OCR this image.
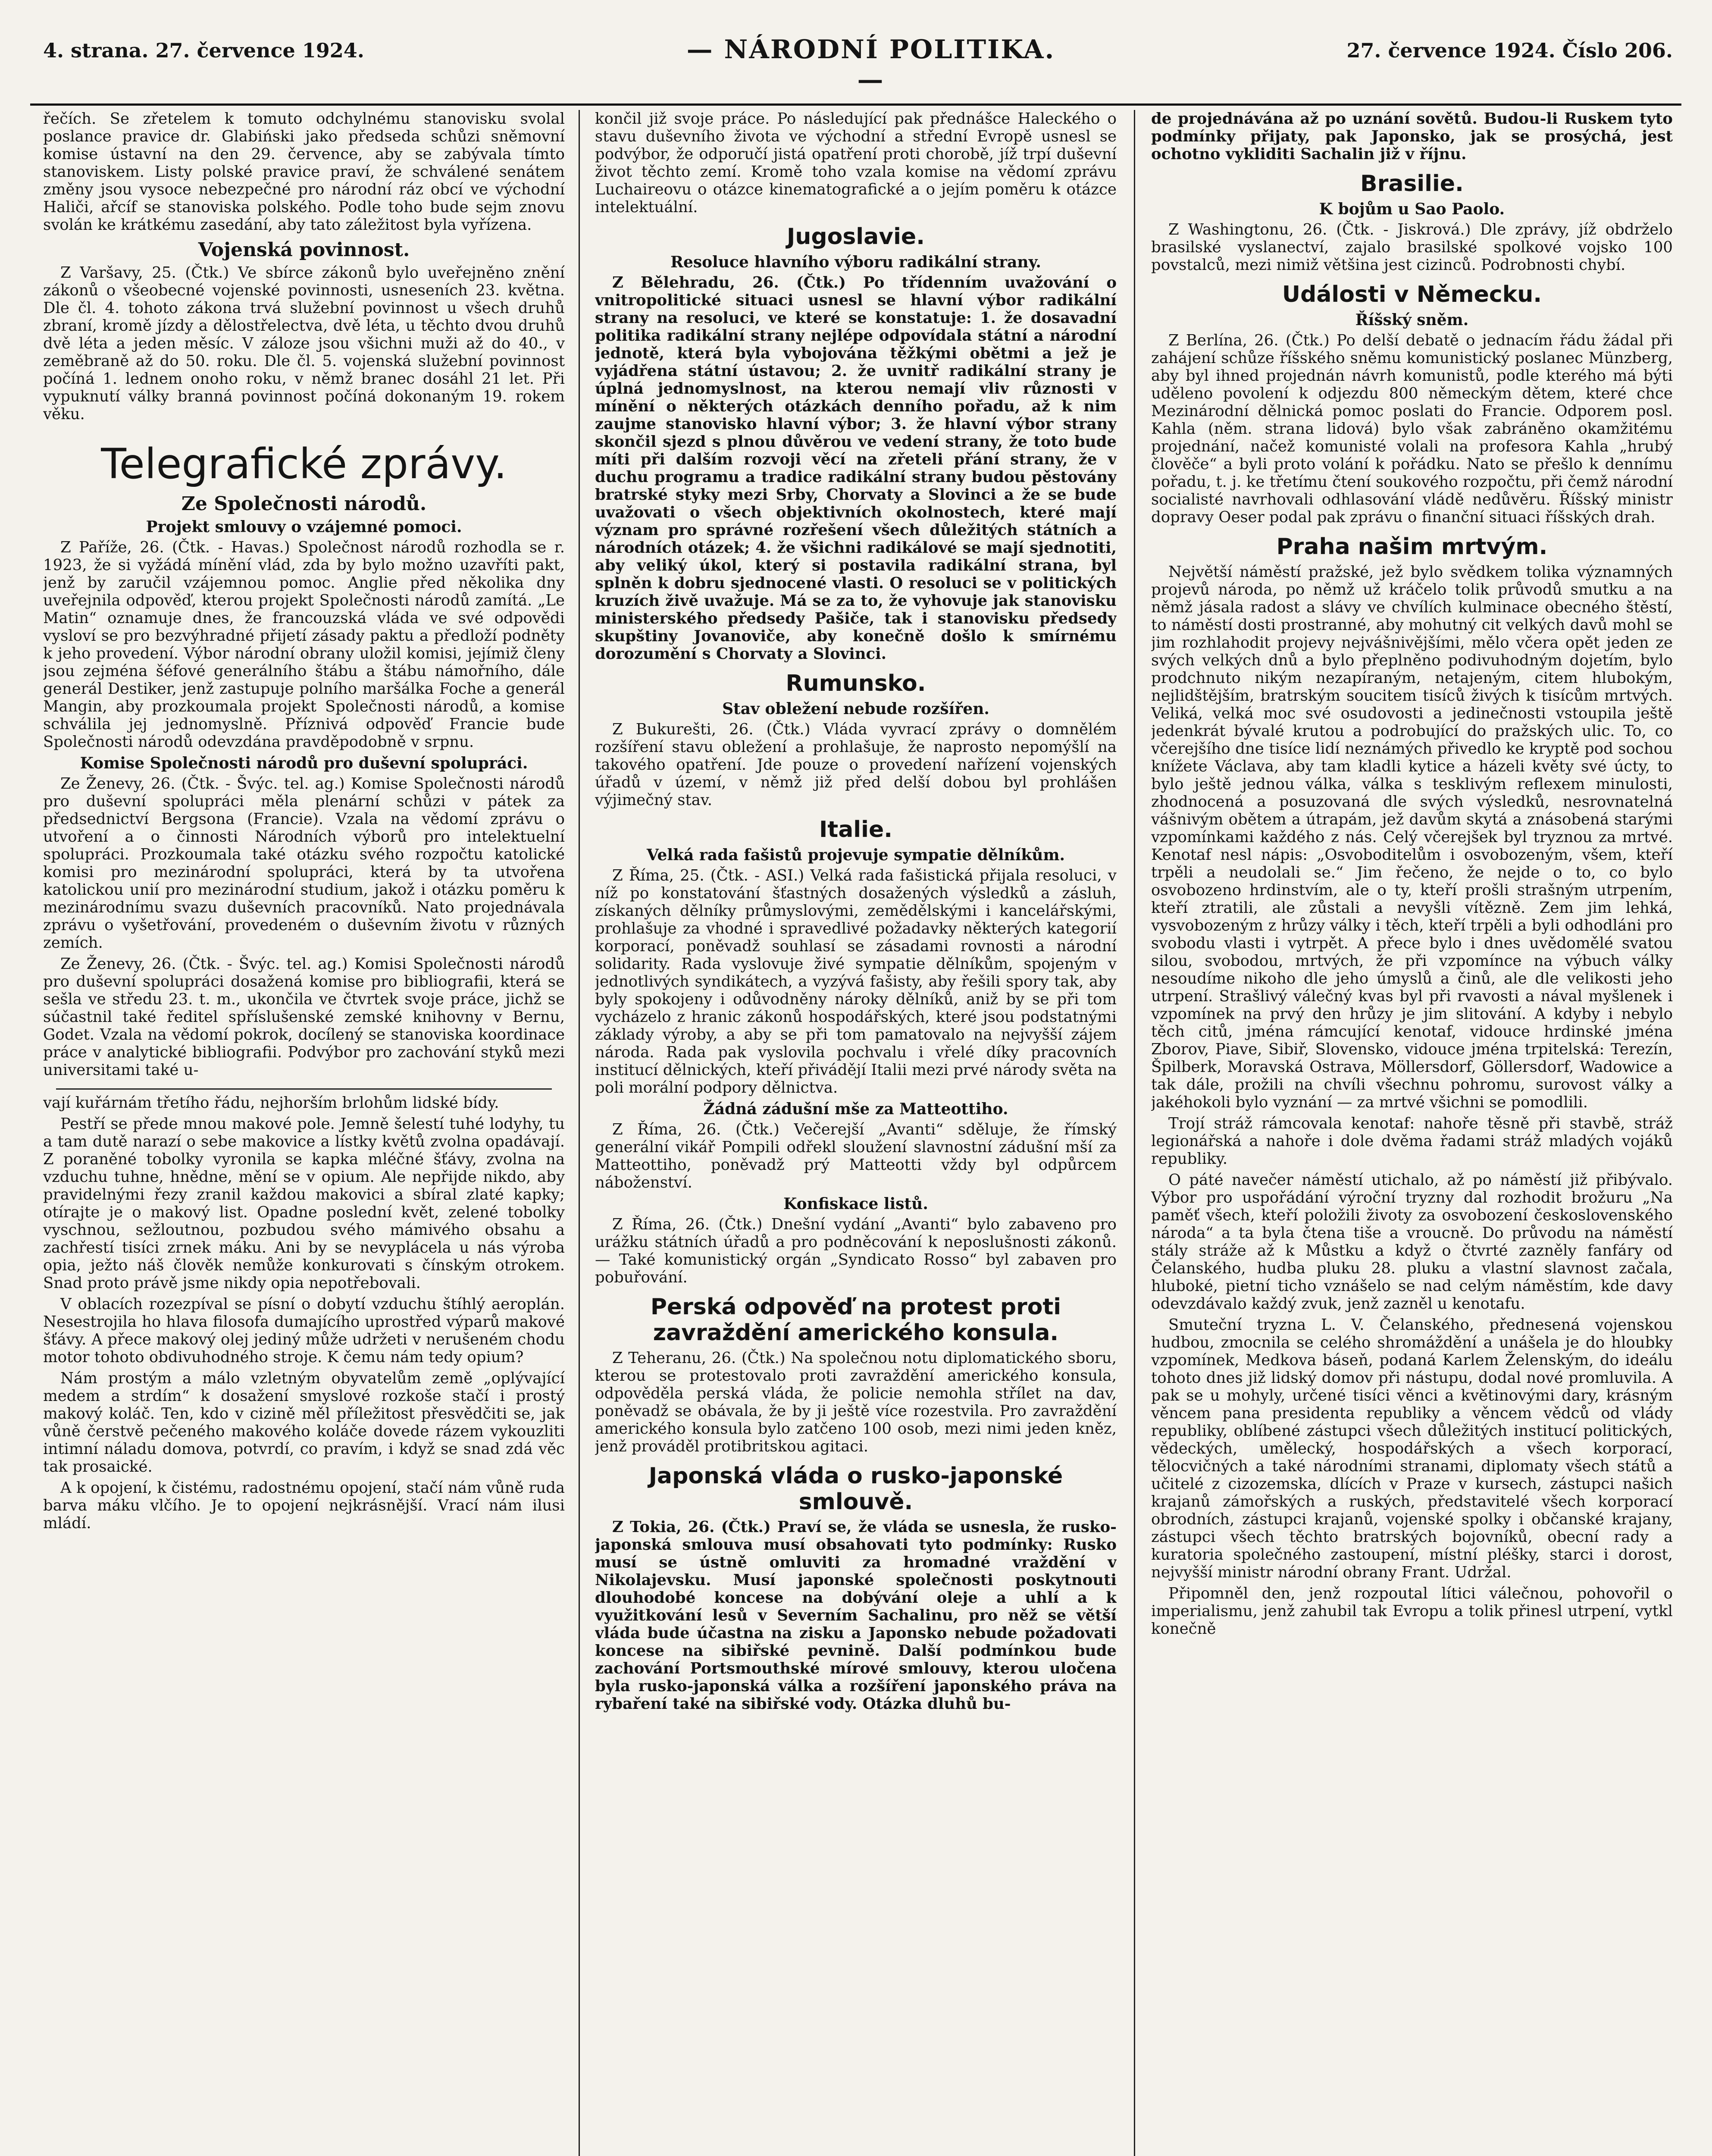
4. strana. 27. července 1924.	— NÁRODNÍ POLITIKA. —
27. července 1924. Číslo 206.

řečích. Se zřetelem k tomuto odchylnému stanovisku svolal poslance pravice dr. Glabiński jako předseda schůzi sněmovní komise ústavní na den 29. července, aby se zabývala tímto stanoviskem. Listy polské pravice praví, že schválené senátem změny jsou vysoce nebezpečné pro národní ráz obcí ve východní Haliči, ařcíf se stanoviska polského. Podle toho bude sejm znovu svolán ke krátkému zasedání, aby tato záležitost byla vyřízena.

Vojenská povinnost.

Z Varšavy, 25. (Čtk.) Ve sbírce zákonů bylo uveřejněno znění zákonů o všeobecné vojenské povinnosti, usneseních 23. května. Dle čl. 4. tohoto zákona trvá služební povinnost u všech druhů zbraní, kromě jízdy a dělostřelectva, dvě léta, u těchto dvou druhů dvě léta a jeden měsíc. V záloze jsou všichni muži až do 40., v zeměbraně až do 50. roku. Dle čl. 5. vojenská služební povinnost počíná 1. lednem onoho roku, v němž branec dosáhl 21 let. Při vypuknutí války branná povinnost počíná dokonaným 19. rokem věku.

Telegrafické zprávy.
Ze Společnosti národů.
Projekt smlouvy o vzájemné pomoci.

Z Paříže, 26. (Čtk. - Havas.) Společnost národů rozhodla se r. 1923, že si vyžádá mínění vlád, zda by bylo možno uzavříti pakt, jenž by zaručil vzájemnou pomoc. Anglie před několika dny uveřejnila odpověď, kterou projekt Společnosti národů zamítá. „Le Matin“ oznamuje dnes, že francouzská vláda ve své odpovědi vysloví se pro bezvýhradné přijetí zásady paktu a předloží podněty k jeho provedení. Výbor národní obrany uložil komisi, jejímiž členy jsou zejména šéfové generálního štábu a štábu námořního, dále generál Destiker, jenž zastupuje polního maršálka Foche a generál Mangin, aby prozkoumala projekt Společnosti národů, a komise schválila jej jednomyslně. Příznivá odpověď Francie bude Společnosti národů odevzdána pravděpodobně v srpnu.

Komise Společnosti národů pro duševní spolupráci.

Ze Ženevy, 26. (Čtk. - Švýc. tel. ag.) Komise Společnosti národů pro duševní spolupráci měla plenární schůzi v pátek za předsednictví Bergsona (Francie). Vzala na vědomí zprávu o utvoření a o činnosti Národních výborů pro intelektuelní spolupráci. Prozkoumala také otázku svého rozpočtu katolické komisi pro mezinárodní spolupráci, která by ta utvořena katolickou unií pro mezinárodní studium, jakož i otázku poměru k mezinárodnímu svazu duševních pracovníků. Nato projednávala zprávu o vyšetřování, provedeném o duševním životu v různých zemích.

Ze Ženevy, 26. (Čtk. - Švýc. tel. ag.) Komisi Společnosti národů pro duševní spolupráci dosažená komise pro bibliografii, která se sešla ve středu 23. t. m., ukončila ve čtvrtek svoje práce, jichž se súčastnil také ředitel spříslušenské zemské knihovny v Bernu, Godet. Vzala na vědomí pokrok, docílený se stanoviska koordinace práce v analytické bibliografii. Podvýbor pro zachování styků mezi universitami také u-

vají kuřárnám třetího řádu, nejhorším brlohům lidské bídy.

Pestří se přede mnou makové pole. Jemně šelestí tuhé lodyhy, tu a tam dutě narazí o sebe makovice a lístky květů zvolna opadávají. Z poraněné tobolky vyronila se kapka mléčné šťávy, zvolna na vzduchu tuhne, hnědne, mění se v opium. Ale nepřijde nikdo, aby pravidelnými řezy zranil každou makovici a sbíral zlaté kapky; otírajte je o makový list. Opadne poslední květ, zelené tobolky vyschnou, sežloutnou, pozbudou svého mámivého obsahu a zachřestí tisíci zrnek máku. Ani by se nevyplácela u nás výroba opia, ježto náš člověk nemůže konkurovati s čínským otrokem. Snad proto právě jsme nikdy opia nepotřebovali.

V oblacích rozezpíval se písní o dobytí vzduchu štíhlý aeroplán. Nesestrojila ho hlava filosofa dumajícího uprostřed výparů makové šťávy. A přece makový olej jediný může udržeti v nerušeném chodu motor tohoto obdivuhodného stroje. K čemu nám tedy opium?

Nám prostým a málo vzletným obyvatelům země „oplývající medem a strdím“ k dosažení smyslové rozkoše stačí i prostý makový koláč. Ten, kdo v cizině měl příležitost přesvědčiti se, jak vůně čerstvě pečeného makového koláče dovede rázem vykouzliti intimní náladu domova, potvrdí, co pravím, i když se snad zdá věc tak prosaické.

A k opojení, k čistému, radostnému opojení, stačí nám vůně ruda barva máku vlčího. Je to opojení nejkrásnější. Vrací nám ilusi mládí.

končil již svoje práce. Po následující pak přednášce Haleckého o stavu duševního života ve východní a střední Evropě usnesl se podvýbor, že odporučí jistá opatření proti chorobě, jíž trpí duševní život těchto zemí. Kromě toho vzala komise na vědomí zprávu Luchaireovu o otázce kinematografické a o jejím poměru k otázce intelektuální.

Jugoslavie.
Resoluce hlavního výboru radikální strany.

Z Bělehradu, 26. (Čtk.) Po třídenním uvažování o vnitropolitické situaci usnesl se hlavní výbor radikální strany na resoluci, ve které se konstatuje: 1. že dosavadní politika radikální strany nejlépe odpovídala státní a národní jednotě, která byla vybojována těžkými obětmi a jež je vyjádřena státní ústavou; 2. že uvnitř radikální strany je úplná jednomyslnost, na kterou nemají vliv různosti v mínění o některých otázkách denního pořadu, až k nim zaujme stanovisko hlavní výbor; 3. že hlavní výbor strany skončil sjezd s plnou důvěrou ve vedení strany, že toto bude míti při dalším rozvoji věcí na zřeteli přání strany, že v duchu programu a tradice radikální strany budou pěstovány bratrské styky mezi Srby, Chorvaty a Slovinci a že se bude uvažovati o všech objektivních okolnostech, které mají význam pro správné rozřešení všech důležitých státních a národních otázek; 4. že všichni radikálové se mají sjednotiti, aby veliký úkol, který si postavila radikální strana, byl splněn k dobru sjednocené vlasti. O resoluci se v politických kruzích živě uvažuje. Má se za to, že vyhovuje jak stanovisku ministerského předsedy Pašiče, tak i stanovisku předsedy skupštiny Jovanoviče, aby konečně došlo k smírnému dorozumění s Chorvaty a Slovinci.

Rumunsko.
Stav obležení nebude rozšířen.

Z Bukurešti, 26. (Čtk.) Vláda vyvrací zprávy o domnělém rozšíření stavu obležení a prohlašuje, že naprosto nepomýšlí na takového opatření. Jde pouze o provedení nařízení vojenských úřadů v území, v němž již před delší dobou byl prohlášen výjimečný stav.

Italie.
Velká rada fašistů projevuje sympatie dělníkům.

Z Říma, 25. (Čtk. - ASI.) Velká rada fašistická přijala resoluci, v níž po konstatování šťastných dosažených výsledků a zásluh, získaných dělníky průmyslovými, zemědělskými i kancelářskými, prohlašuje za vhodné i spravedlivé požadavky některých kategorií korporací, poněvadž souhlasí se zásadami rovnosti a národní solidarity. Rada vyslovuje živé sympatie dělníkům, spojeným v jednotlivých syndikátech, a vyzývá fašisty, aby řešili spory tak, aby byly spokojeny i odůvodněny nároky dělníků, aniž by se při tom vycházelo z hranic zákonů hospodářských, které jsou podstatnými základy výroby, a aby se při tom pamatovalo na nejvyšší zájem národa. Rada pak vyslovila pochvalu i vřelé díky pracovních institucí dělnických, kteří přivádějí Italii mezi prvé národy světa na poli morální podpory dělnictva.

Žádná zádušní mše za Matteottiho.

Z Říma, 26. (Čtk.) Večerejší „Avanti“ sděluje, že římský generální vikář Pompili odřekl sloužení slavnostní zádušní mší za Matteottiho, poněvadž prý Matteotti vždy byl odpůrcem náboženství.

Konfiskace listů.

Z Říma, 26. (Čtk.) Dnešní vydání „Avanti“ bylo zabaveno pro urážku státních úřadů a pro podněcování k neposlušnosti zákonů. — Také komunistický orgán „Syndicato Rosso“ byl zabaven pro pobuřování.

Perská odpověď na protest proti zavraždění amerického konsula.

Z Teheranu, 26. (Čtk.) Na společnou notu diplomatického sboru, kterou se protestovalo proti zavraždění amerického konsula, odpověděla perská vláda, že policie nemohla střílet na dav, poněvadž se obávala, že by ji ještě více rozestvila. Pro zavraždění amerického konsula bylo zatčeno 100 osob, mezi nimi jeden kněz, jenž prováděl protibritskou agitaci.

Japonská vláda o rusko-japonské smlouvě.

Z Tokia, 26. (Čtk.) Praví se, že vláda se usnesla, že rusko-japonská smlouva musí obsahovati tyto podmínky: Rusko musí se ústně omluviti za hromadné vraždění v Nikolajevsku. Musí japonské společnosti poskytnouti dlouhodobé koncese na dobývání oleje a uhlí a k využitkování lesů v Severním Sachalinu, pro něž se větší vláda bude účastna na zisku a Japonsko nebude požadovati koncese na sibiřské pevnině. Další podmínkou bude zachování Portsmouthské mírové smlouvy, kterou uločena byla rusko-japonská válka a rozšíření japonského práva na rybaření také na sibiřské vody. Otázka dluhů bu-

de projednávána až po uznání sovětů. Budou-li Ruskem tyto podmínky přijaty, pak Japonsko, jak se prosýchá, jest ochotno vykliditi Sachalin již v říjnu.

Brasilie.
K bojům u Sao Paolo.

Z Washingtonu, 26. (Čtk. - Jiskrová.) Dle zprávy, jíž obdrželo brasilské vyslanectví, zajalo brasilské spolkové vojsko 100 povstalců, mezi nimiž většina jest cizinců. Podrobnosti chybí.

Události v Německu.
Říšský sněm.

Z Berlína, 26. (Čtk.) Po delší debatě o jednacím řádu žádal při zahájení schůze říšského sněmu komunistický poslanec Münzberg, aby byl ihned projednán návrh komunistů, podle kterého má býti uděleno povolení k odjezdu 800 německým dětem, které chce Mezinárodní dělnická pomoc poslati do Francie. Odporem posl. Kahla (něm. strana lidová) bylo však zabráněno okamžitému projednání, načež komunisté volali na profesora Kahla „hrubý člověče“ a byli proto volání k pořádku. Nato se přešlo k dennímu pořadu, t. j. ke třetímu čtení soukového rozpočtu, při čemž národní socialisté navrhovali odhlasování vládě nedůvěru. Říšský ministr dopravy Oeser podal pak zprávu o finanční situaci říšských drah.

Praha našim mrtvým.

Největší náměstí pražské, jež bylo svědkem tolika významných projevů národa, po němž už kráčelo tolik průvodů smutku a na němž jásala radost a slávy ve chvílích kulminace obecného štěstí, to náměstí dosti prostranné, aby mohutný cit velkých davů mohl se jim rozhlahodit projevy nejvášnivějšími, mělo včera opět jeden ze svých velkých dnů a bylo přeplněno podivuhodným dojetím, bylo prodchnuto nikým nezapíraným, netajeným, citem hlubokým, nejlidštějším, bratrským soucitem tisíců živých k tisícům mrtvých. Veliká, velká moc své osudovosti a jedinečnosti vstoupila ještě jedenkrát bývalé krutou a podrobující do pražských ulic. To, co včerejšího dne tisíce lidí neznámých přivedlo ke kryptě pod sochou knížete Václava, aby tam kladli kytice a házeli květy své úcty, to bylo ještě jednou válka, válka s tesklivým reflexem minulosti, zhodnocená a posuzovaná dle svých výsledků, nesrovnatelná vášnivým obětem a útrapám, jež davům skytá a znásobená starými vzpomínkami každého z nás. Celý včerejšek byl tryznou za mrtvé. Kenotaf nesl nápis: „Osvoboditelům i osvobozeným, všem, kteří trpěli a neudolali se.“ Jim řečeno, že nejde o to, co bylo osvobozeno hrdinstvím, ale o ty, kteří prošli strašným utrpením, kteří ztratili, ale zůstali a nevyšli vítězně. Zem jim lehká, vysvobozeným z hrůzy války i těch, kteří trpěli a byli odhodláni pro svobodu vlasti i vytrpět. A přece bylo i dnes uvědomělé svatou silou, svobodou, mrtvých, že při vzpomínce na výbuch války nesoudíme nikoho dle jeho úmyslů a činů, ale dle velikosti jeho utrpení. Strašlivý válečný kvas byl při rvavosti a nával myšlenek i vzpomínek na prvý den hrůzy je jim slitování. A kdyby i nebylo těch citů, jména rámcující kenotaf, vidouce hrdinské jména Zborov, Piave, Sibiř, Slovensko, vidouce jména trpitelská: Terezín, Špilberk, Moravská Ostrava, Möllersdorf, Göllersdorf, Wadowice a tak dále, prožili na chvíli všechnu pohromu, surovost války a jakéhokoli bylo vyznání — za mrtvé všichni se pomodlili.

Trojí stráž rámcovala kenotaf: nahoře těsně při stavbě, stráž legionářská a nahoře i dole dvěma řadami stráž mladých vojáků republiky.

O páté navečer náměstí utichalo, až po náměstí již přibývalo. Výbor pro uspořádání výroční tryzny dal rozhodit brožuru „Na paměť všech, kteří položili životy za osvobození československého národa“ a ta byla čtena tiše a vroucně. Do průvodu na náměstí stály stráže až k Můstku a když o čtvrté zazněly fanfáry od Čelanského, hudba pluku 28. pluku a vlastní slavnost začala, hluboké, pietní ticho vznášelo se nad celým náměstím, kde davy odevzdávalo každý zvuk, jenž zazněl u kenotafu.

Smuteční tryzna L. V. Čelanského, přednesená vojenskou hudbou, zmocnila se celého shromáždění a unášela je do hloubky vzpomínek, Medkova báseň, podaná Karlem Želenským, do ideálu tohoto dnes již lidský domov při nástupu, dodal nové promluvila. A pak se u mohyly, určené tisíci věnci a květinovými dary, krásným věncem pana presidenta republiky a věncem vědců od vlády republiky, oblíbené zástupci všech důležitých institucí politických, vědeckých, umělecký, hospodářských a všech korporací, tělocvičných a také národními stranami, diplomaty všech států a učitelé z cizozemska, dlících v Praze v kursech, zástupci našich krajanů zámořských a ruských, představitelé všech korporací obrodních, zástupci krajanů, vojenské spolky i občanské krajany, zástupci všech těchto bratrských bojovníků, obecní rady a kuratoria společného zastoupení, místní pléšky, starci i dorost, nejvyšší ministr národní obrany Frant. Udržal.

Připomněl den, jenž rozpoutal lítici válečnou, pohovořil o imperialismu, jenž zahubil tak Evropu a tolik přinesl utrpení, vytkl konečně
